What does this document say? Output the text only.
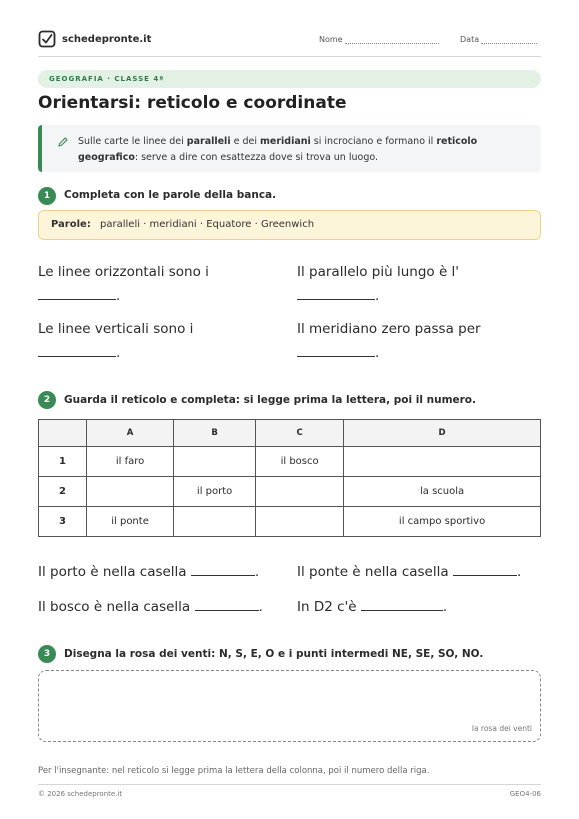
schedepronte.it	Nome	Data
GEOGRAFIA · CLASSE 4ª
Orientarsi: reticolo e coordinate
Sulle carte le linee dei paralleli e dei meridiani si incrociano e formano il reticolo geografico: serve a dire con esattezza dove si trova un luogo.
1	Completa con le parole della banca.
Parole: paralleli · meridiani · Equatore · Greenwich
Le linee orizzontali sono i
.
Il parallelo più lungo è l'
.
Le linee verticali sono i
.
Il meridiano zero passa per
.
2	Guarda il reticolo e completa: si legge prima la lettera, poi il numero.
	A	B	C	D
1	il faro		il bosco	
2		il porto		la scuola
3	il ponte			il campo sportivo
Il porto è nella casella	.	Il ponte è nella casella	.
Il bosco è nella casella	.	In D2 c'è	.
3	Disegna la rosa dei venti: N, S, E, O e i punti intermedi NE, SE, SO, NO.
la rosa dei venti
Per l'insegnante: nel reticolo si legge prima la lettera della colonna, poi il numero della riga.
© 2026 schedepronte.it	GEO4-06
